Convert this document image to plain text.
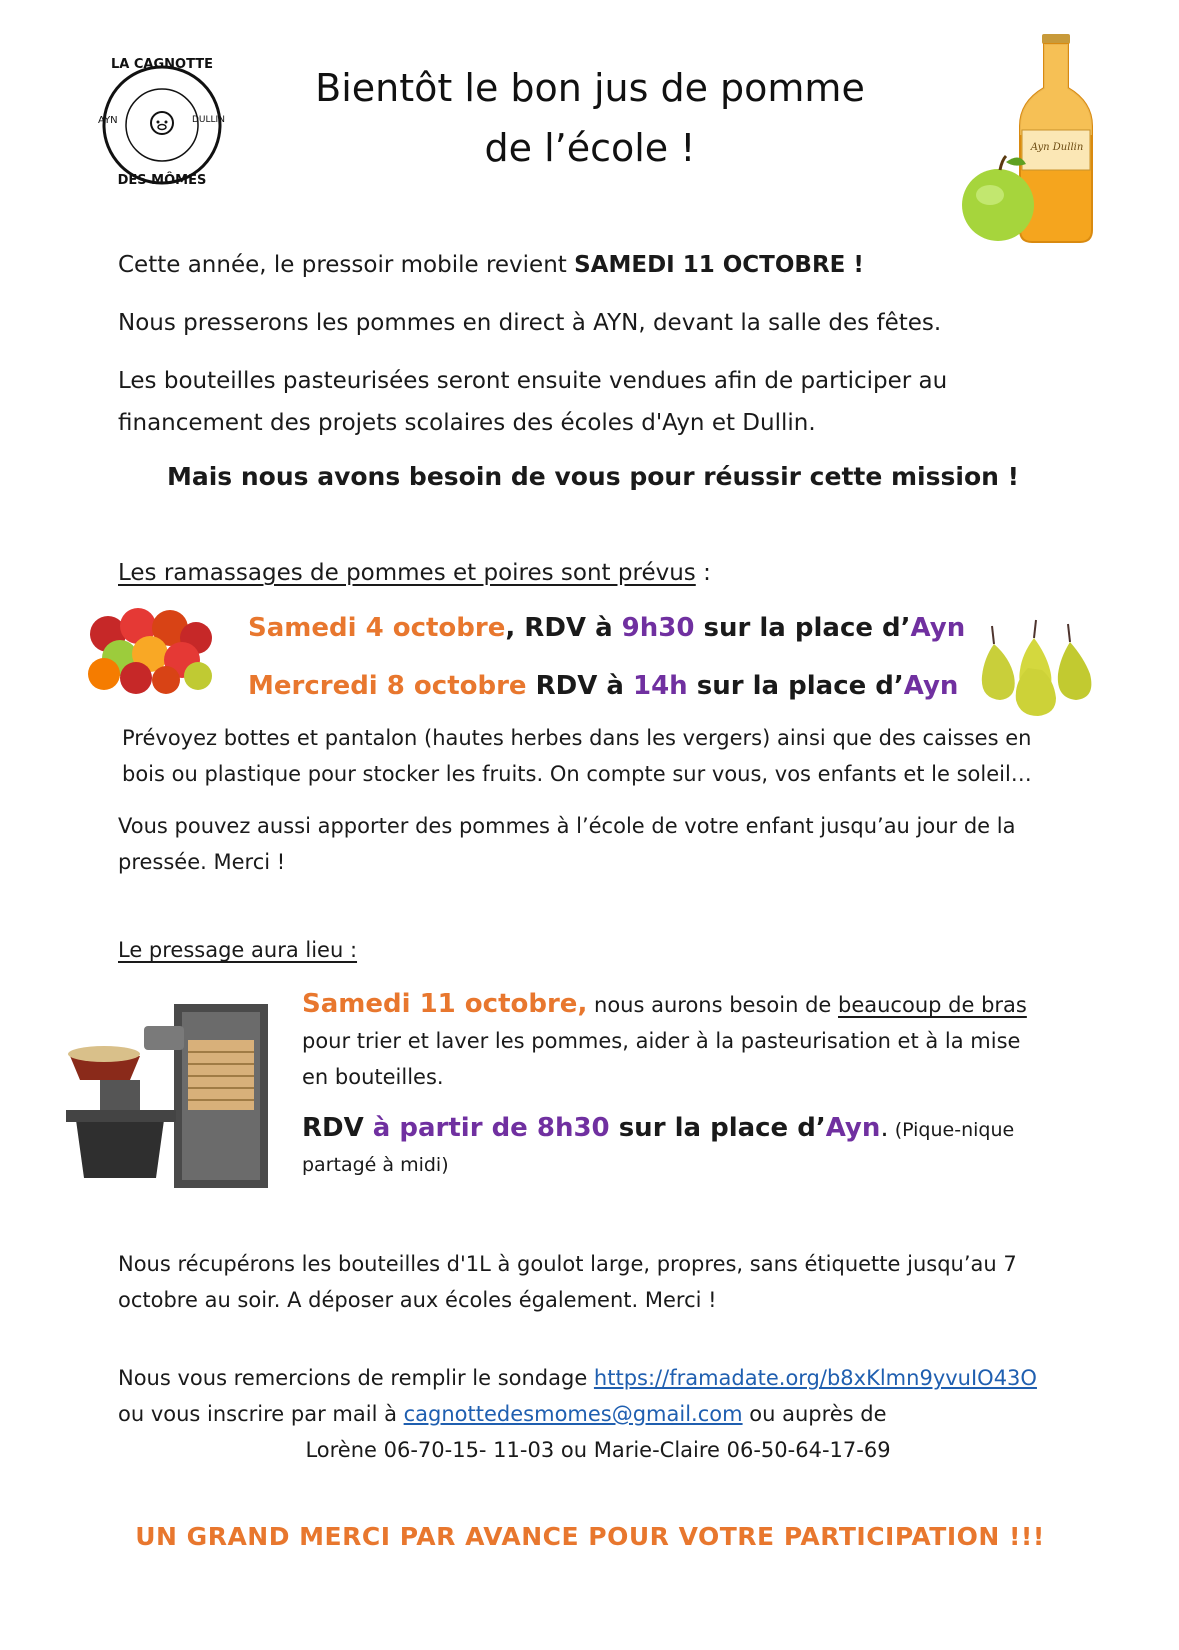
LA CAGNOTTE
AYN	DULLIN
DES MÔMES
Bientôt le bon jus de pomme
de l’école !	Ayn Dullin
Cette année, le pressoir mobile revient SAMEDI 11 OCTOBRE !
Nous presserons les pommes en direct à AYN, devant la salle des fêtes.
Les bouteilles pasteurisées seront ensuite vendues afin de participer au
financement des projets scolaires des écoles d'Ayn et Dullin.
Mais nous avons besoin de vous pour réussir cette mission !
Les ramassages de pommes et poires sont prévus :
Samedi 4 octobre, RDV à 9h30 sur la place d’Ayn
Mercredi 8 octobre RDV à 14h sur la place d’Ayn
Prévoyez bottes et pantalon (hautes herbes dans les vergers) ainsi que des caisses en
bois ou plastique pour stocker les fruits. On compte sur vous, vos enfants et le soleil…
Vous pouvez aussi apporter des pommes à l’école de votre enfant jusqu’au jour de la
pressée. Merci !
Le pressage aura lieu :
Samedi 11 octobre, nous aurons besoin de beaucoup de bras
pour trier et laver les pommes, aider à la pasteurisation et à la mise
en bouteilles.
RDV à partir de 8h30 sur la place d’Ayn. (Pique-nique
partagé à midi)
Nous récupérons les bouteilles d'1L à goulot large, propres, sans étiquette jusqu’au 7
octobre au soir. A déposer aux écoles également. Merci !
Nous vous remercions de remplir le sondage https://framadate.org/b8xKlmn9yvuIO43O
ou vous inscrire par mail à cagnottedesmomes@gmail.com ou auprès de
Lorène 06-70-15- 11-03 ou Marie-Claire 06-50-64-17-69
UN GRAND MERCI PAR AVANCE POUR VOTRE PARTICIPATION !!!
